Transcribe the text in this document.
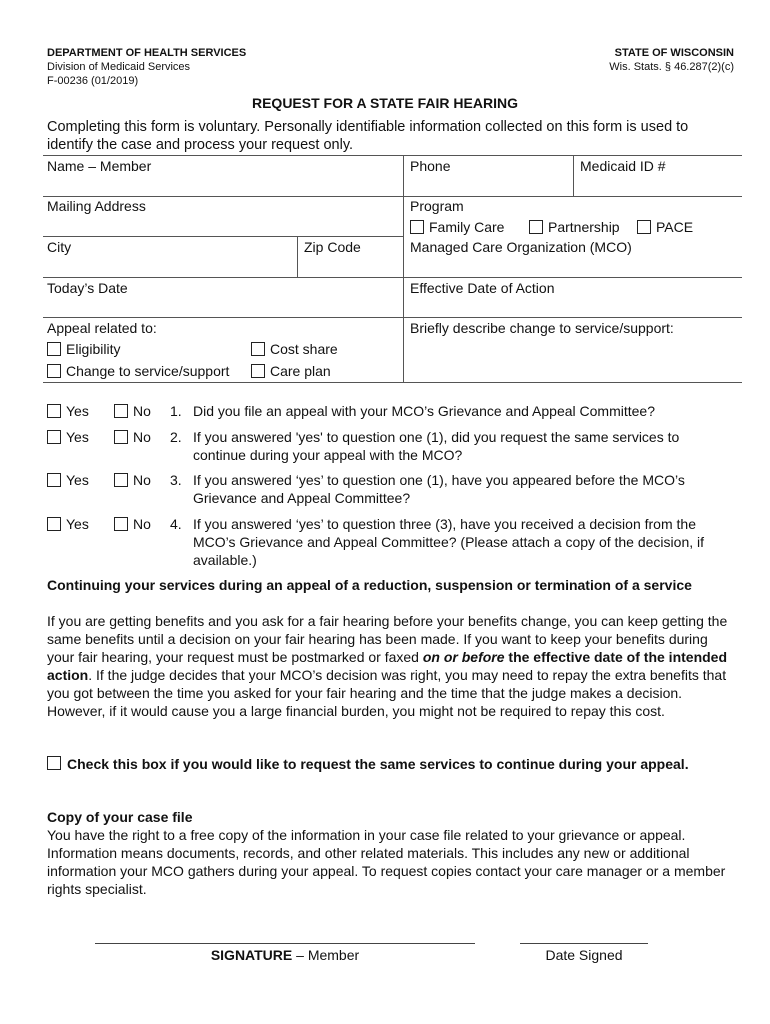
DEPARTMENT OF HEALTH SERVICES
Division of Medicaid Services
F-00236 (01/2019)
STATE OF WISCONSIN
Wis. Stats. § 46.287(2)(c)
REQUEST FOR A STATE FAIR HEARING
Completing this form is voluntary. Personally identifiable information collected on this form is used to identify the case and process your request only.
Name – Member	Phone	Medicaid ID #
Mailing Address	Program
Family Care	Partnership	PACE
City	Zip Code	Managed Care Organization (MCO)
Today’s Date	Effective Date of Action
Appeal related to:
Eligibility	Cost share
Change to service/support	Care plan
Briefly describe change to service/support:
Yes	No 1. Did you file an appeal with your MCO’s Grievance and Appeal Committee?
Yes	No 2. If you answered 'yes' to question one (1), did you request the same services to continue during your appeal with the MCO?
Yes	No 3. If you answered ‘yes’ to question one (1), have you appeared before the MCO’s Grievance and Appeal Committee?
Yes	No 4. If you answered ‘yes’ to question three (3), have you received a decision from the MCO’s Grievance and Appeal Committee? (Please attach a copy of the decision, if available.)
Continuing your services during an appeal of a reduction, suspension or termination of a service
If you are getting benefits and you ask for a fair hearing before your benefits change, you can keep getting the same benefits until a decision on your fair hearing has been made. If you want to keep your benefits during your fair hearing, your request must be postmarked or faxed on or before the effective date of the intended action. If the judge decides that your MCO’s decision was right, you may need to repay the extra benefits that you got between the time you asked for your fair hearing and the time that the judge makes a decision. However, if it would cause you a large financial burden, you might not be required to repay this cost.
Check this box if you would like to request the same services to continue during your appeal.
Copy of your case file
You have the right to a free copy of the information in your case file related to your grievance or appeal. Information means documents, records, and other related materials. This includes any new or additional information your MCO gathers during your appeal. To request copies contact your care manager or a member rights specialist.
SIGNATURE – Member	Date Signed
